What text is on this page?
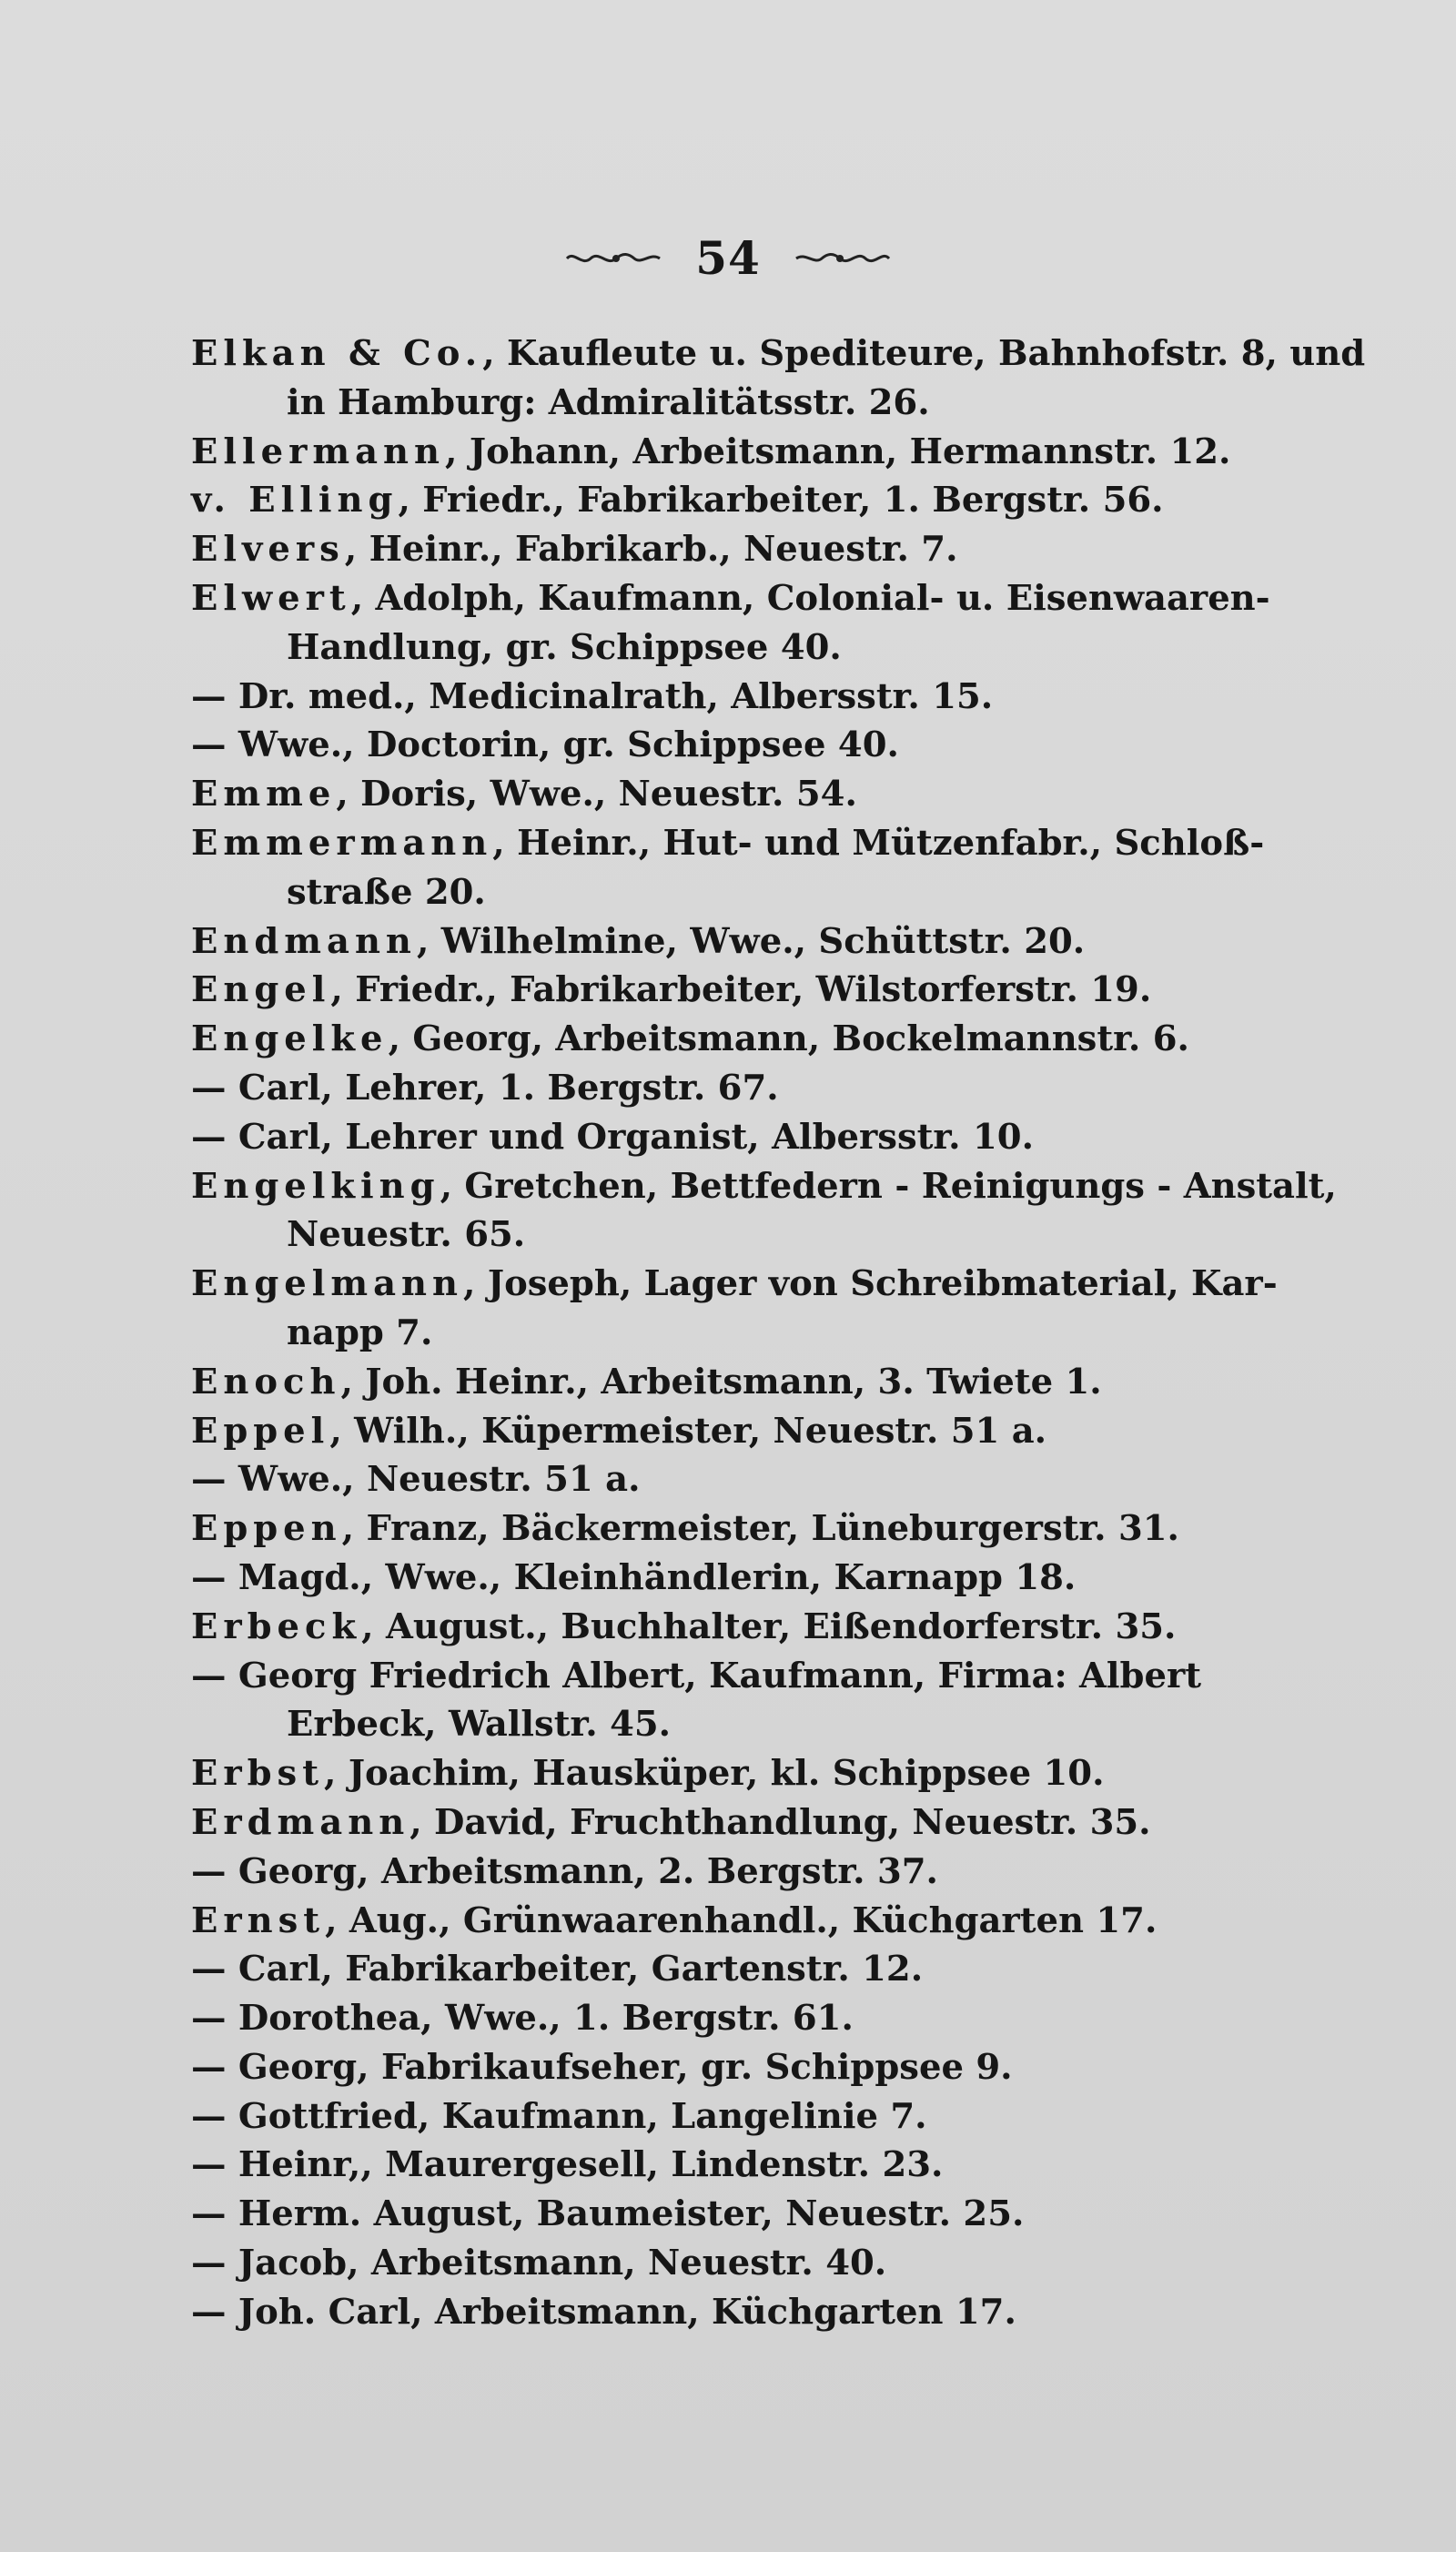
54
Elkan & Co., Kaufleute u. Spediteure, Bahnhofstr. 8, und
in Hamburg: Admiralitätsstr. 26.
Ellermann, Johann, Arbeitsmann, Hermannstr. 12.
v. Elling, Friedr., Fabrikarbeiter, 1. Bergstr. 56.
Elvers, Heinr., Fabrikarb., Neuestr. 7.
Elwert, Adolph, Kaufmann, Colonial- u. Eisenwaaren-
Handlung, gr. Schippsee 40.
— Dr. med., Medicinalrath, Albersstr. 15.
— Wwe., Doctorin, gr. Schippsee 40.
Emme, Doris, Wwe., Neuestr. 54.
Emmermann, Heinr., Hut- und Mützenfabr., Schloß-
straße 20.
Endmann, Wilhelmine, Wwe., Schüttstr. 20.
Engel, Friedr., Fabrikarbeiter, Wilstorferstr. 19.
Engelke, Georg, Arbeitsmann, Bockelmannstr. 6.
— Carl, Lehrer, 1. Bergstr. 67.
— Carl, Lehrer und Organist, Albersstr. 10.
Engelking, Gretchen, Bettfedern - Reinigungs - Anstalt,
Neuestr. 65.
Engelmann, Joseph, Lager von Schreibmaterial, Kar-
napp 7.
Enoch, Joh. Heinr., Arbeitsmann, 3. Twiete 1.
Eppel, Wilh., Küpermeister, Neuestr. 51 a.
— Wwe., Neuestr. 51 a.
Eppen, Franz, Bäckermeister, Lüneburgerstr. 31.
— Magd., Wwe., Kleinhändlerin, Karnapp 18.
Erbeck, August., Buchhalter, Eißendorferstr. 35.
— Georg Friedrich Albert, Kaufmann, Firma: Albert
Erbeck, Wallstr. 45.
Erbst, Joachim, Hausküper, kl. Schippsee 10.
Erdmann, David, Fruchthandlung, Neuestr. 35.
— Georg, Arbeitsmann, 2. Bergstr. 37.
Ernst, Aug., Grünwaarenhandl., Küchgarten 17.
— Carl, Fabrikarbeiter, Gartenstr. 12.
— Dorothea, Wwe., 1. Bergstr. 61.
— Georg, Fabrikaufseher, gr. Schippsee 9.
— Gottfried, Kaufmann, Langelinie 7.
— Heinr,, Maurergesell, Lindenstr. 23.
— Herm. August, Baumeister, Neuestr. 25.
— Jacob, Arbeitsmann, Neuestr. 40.
— Joh. Carl, Arbeitsmann, Küchgarten 17.
